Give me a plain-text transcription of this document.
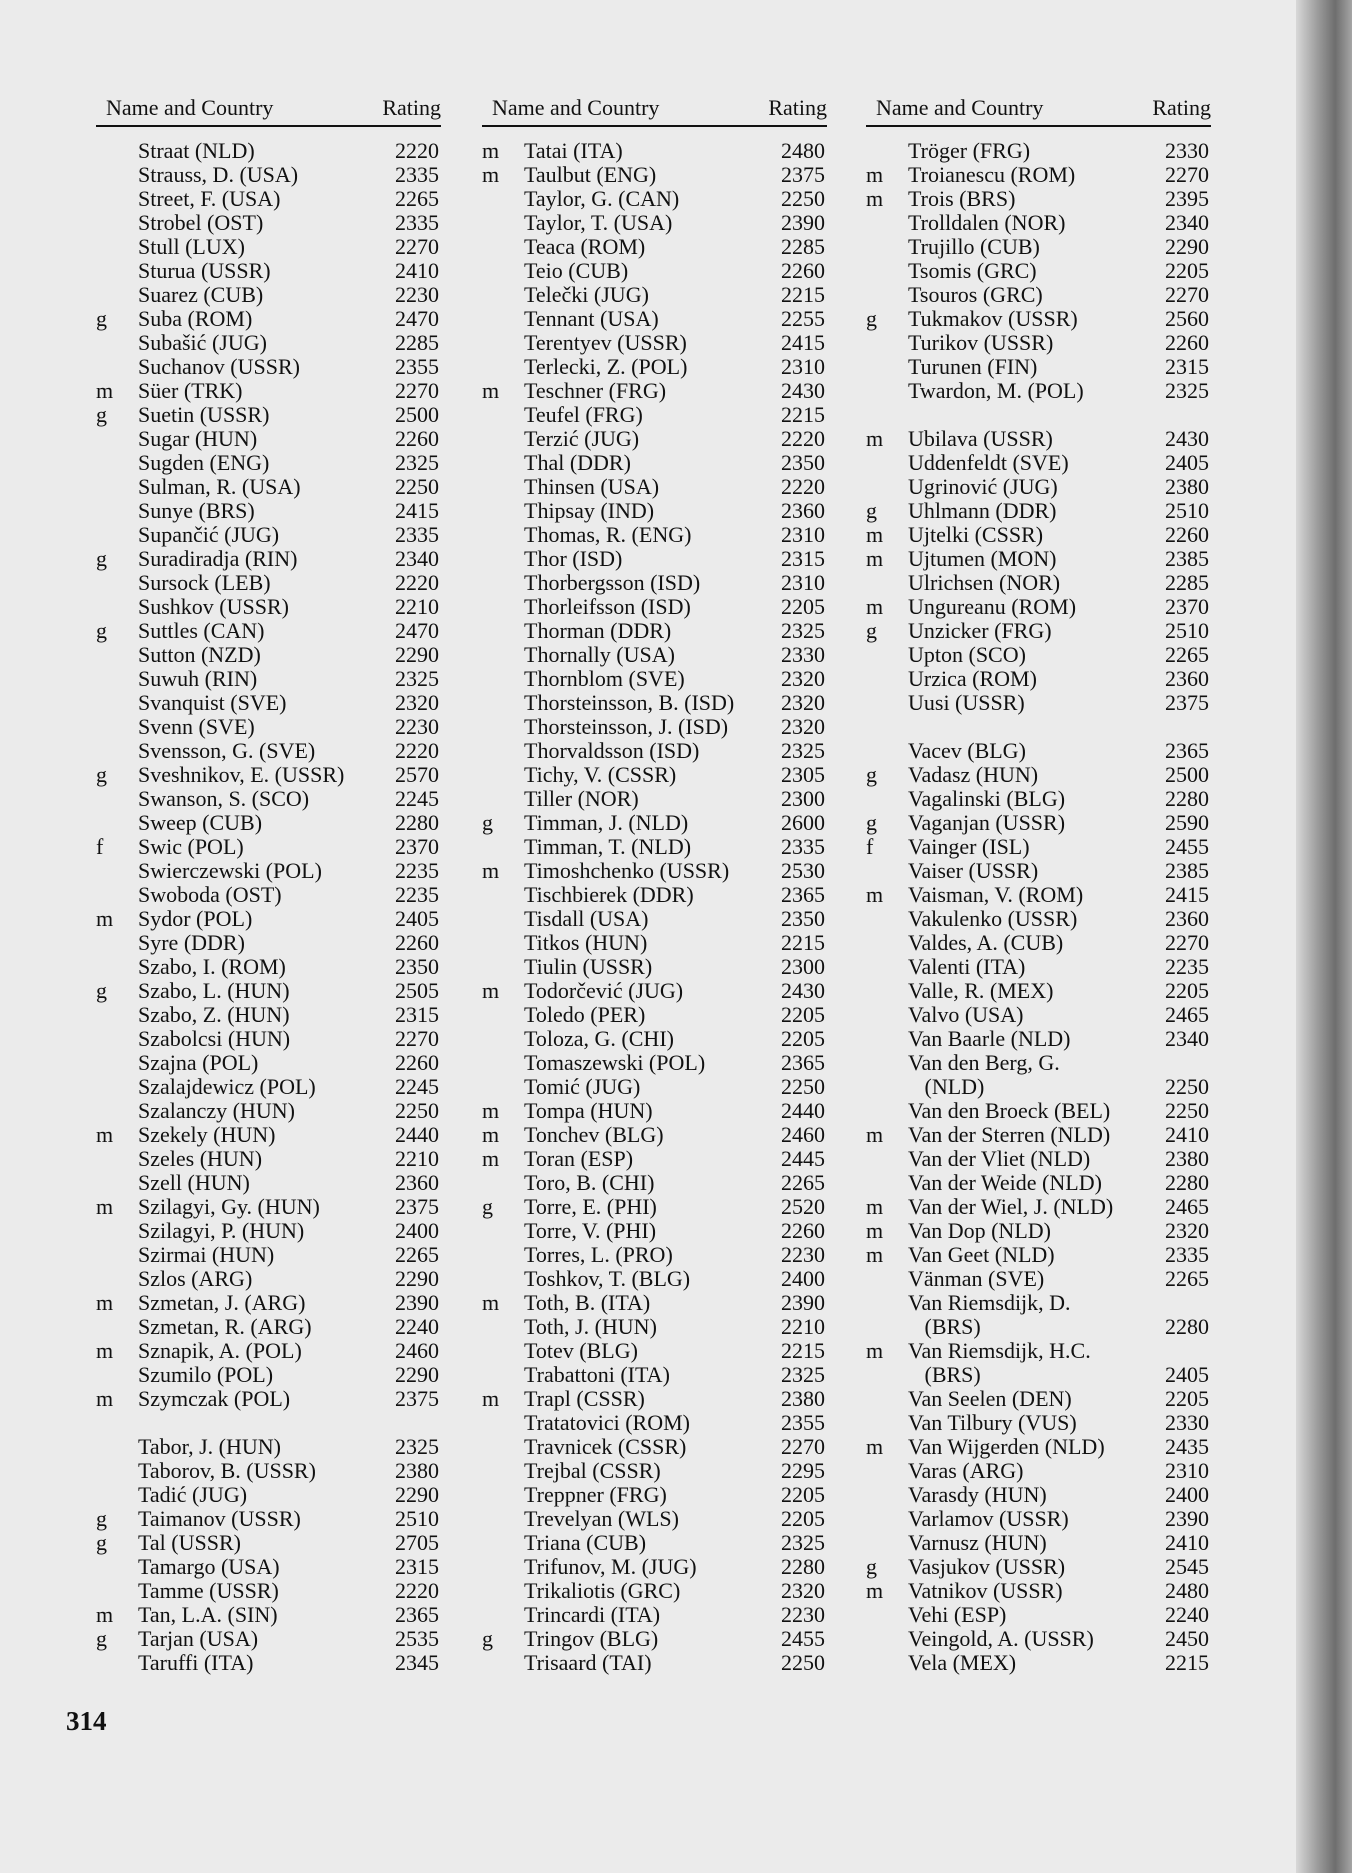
Name and Country	Rating
Straat (NLD)	2220
Strauss, D. (USA)	2335
Street, F. (USA)	2265
Strobel (OST)	2335
Stull (LUX)	2270
Sturua (USSR)	2410
Suarez (CUB)	2230
g	Suba (ROM)	2470
Subašić (JUG)	2285
Suchanov (USSR)	2355
m	Süer (TRK)	2270
g	Suetin (USSR)	2500
Sugar (HUN)	2260
Sugden (ENG)	2325
Sulman, R. (USA)	2250
Sunye (BRS)	2415
Supančić (JUG)	2335
g	Suradiradja (RIN)	2340
Sursock (LEB)	2220
Sushkov (USSR)	2210
g	Suttles (CAN)	2470
Sutton (NZD)	2290
Suwuh (RIN)	2325
Svanquist (SVE)	2320
Svenn (SVE)	2230
Svensson, G. (SVE)	2220
g	Sveshnikov, E. (USSR) 2570
Swanson, S. (SCO)	2245
Sweep (CUB)	2280
f	Swic (POL)	2370
Swierczewski (POL)	2235
Swoboda (OST)	2235
m	Sydor (POL)	2405
Syre (DDR)	2260
Szabo, I. (ROM)	2350
g	Szabo, L. (HUN)	2505
Szabo, Z. (HUN)	2315
Szabolcsi (HUN)	2270
Szajna (POL)	2260
Szalajdewicz (POL)	2245
Szalanczy (HUN)	2250
m	Szekely (HUN)	2440
Szeles (HUN)	2210
Szell (HUN)	2360
m	Szilagyi, Gy. (HUN)	2375
Szilagyi, P. (HUN)	2400
Szirmai (HUN)	2265
Szlos (ARG)	2290
m	Szmetan, J. (ARG)	2390
Szmetan, R. (ARG)	2240
m	Sznapik, A. (POL)	2460
Szumilo (POL)	2290
m	Szymczak (POL)	2375
Tabor, J. (HUN)	2325
Taborov, B. (USSR)	2380
Tadić (JUG)	2290
g	Taimanov (USSR)	2510
g	Tal (USSR)	2705
Tamargo (USA)	2315
Tamme (USSR)	2220
m	Tan, L.A. (SIN)	2365
g	Tarjan (USA)	2535
Taruffi (ITA)	2345
Name and Country	Rating
m	Tatai (ITA)	2480
m	Taulbut (ENG)	2375
Taylor, G. (CAN)	2250
Taylor, T. (USA)	2390
Teaca (ROM)	2285
Teio (CUB)	2260
Telečki (JUG)	2215
Tennant (USA)	2255
Terentyev (USSR)	2415
Terlecki, Z. (POL)	2310
m	Teschner (FRG)	2430
Teufel (FRG)	2215
Terzić (JUG)	2220
Thal (DDR)	2350
Thinsen (USA)	2220
Thipsay (IND)	2360
Thomas, R. (ENG)	2310
Thor (ISD)	2315
Thorbergsson (ISD)	2310
Thorleifsson (ISD)	2205
Thorman (DDR)	2325
Thornally (USA)	2330
Thornblom (SVE)	2320
Thorsteinsson, B. (ISD) 2320
Thorsteinsson, J. (ISD) 2320
Thorvaldsson (ISD)	2325
Tichy, V. (CSSR)	2305
Tiller (NOR)	2300
g	Timman, J. (NLD)	2600
Timman, T. (NLD)	2335
m	Timoshchenko (USSR) 2530
Tischbierek (DDR)	2365
Tisdall (USA)	2350
Titkos (HUN)	2215
Tiulin (USSR)	2300
m	Todorčević (JUG)	2430
Toledo (PER)	2205
Toloza, G. (CHI)	2205
Tomaszewski (POL)	2365
Tomić (JUG)	2250
m	Tompa (HUN)	2440
m	Tonchev (BLG)	2460
m	Toran (ESP)	2445
Toro, B. (CHI)	2265
g	Torre, E. (PHI)	2520
Torre, V. (PHI)	2260
Torres, L. (PRO)	2230
Toshkov, T. (BLG)	2400
m	Toth, B. (ITA)	2390
Toth, J. (HUN)	2210
Totev (BLG)	2215
Trabattoni (ITA)	2325
m	Trapl (CSSR)	2380
Tratatovici (ROM)	2355
Travnicek (CSSR)	2270
Trejbal (CSSR)	2295
Treppner (FRG)	2205
Trevelyan (WLS)	2205
Triana (CUB)	2325
Trifunov, M. (JUG)	2280
Trikaliotis (GRC)	2320
Trincardi (ITA)	2230
g	Tringov (BLG)	2455
Trisaard (TAI)	2250
Name and Country	Rating
Tröger (FRG)	2330
m	Troianescu (ROM)	2270
m	Trois (BRS)	2395
Trolldalen (NOR)	2340
Trujillo (CUB)	2290
Tsomis (GRC)	2205
Tsouros (GRC)	2270
g	Tukmakov (USSR)	2560
Turikov (USSR)	2260
Turunen (FIN)	2315
Twardon, M. (POL)	2325
m	Ubilava (USSR)	2430
Uddenfeldt (SVE)	2405
Ugrinović (JUG)	2380
g	Uhlmann (DDR)	2510
m	Ujtelki (CSSR)	2260
m	Ujtumen (MON)	2385
Ulrichsen (NOR)	2285
m	Ungureanu (ROM)	2370
g	Unzicker (FRG)	2510
Upton (SCO)	2265
Urzica (ROM)	2360
Uusi (USSR)	2375
Vacev (BLG)	2365
g	Vadasz (HUN)	2500
Vagalinski (BLG)	2280
g	Vaganjan (USSR)	2590
f	Vainger (ISL)	2455
Vaiser (USSR)	2385
m	Vaisman, V. (ROM)	2415
Vakulenko (USSR)	2360
Valdes, A. (CUB)	2270
Valenti (ITA)	2235
Valle, R. (MEX)	2205
Valvo (USA)	2465
Van Baarle (NLD)	2340
Van den Berg, G.
(NLD)	2250
Van den Broeck (BEL) 2250
m	Van der Sterren (NLD) 2410
Van der Vliet (NLD)	2380
Van der Weide (NLD)	2280
m	Van der Wiel, J. (NLD) 2465
m	Van Dop (NLD)	2320
m	Van Geet (NLD)	2335
Vänman (SVE)	2265
Van Riemsdijk, D.
(BRS)	2280
m	Van Riemsdijk, H.C.
(BRS)	2405
Van Seelen (DEN)	2205
Van Tilbury (VUS)	2330
m	Van Wijgerden (NLD)	2435
Varas (ARG)	2310
Varasdy (HUN)	2400
Varlamov (USSR)	2390
Varnusz (HUN)	2410
g	Vasjukov (USSR)	2545
m	Vatnikov (USSR)	2480
Vehi (ESP)	2240
Veingold, A. (USSR)	2450
Vela (MEX)	2215
314
